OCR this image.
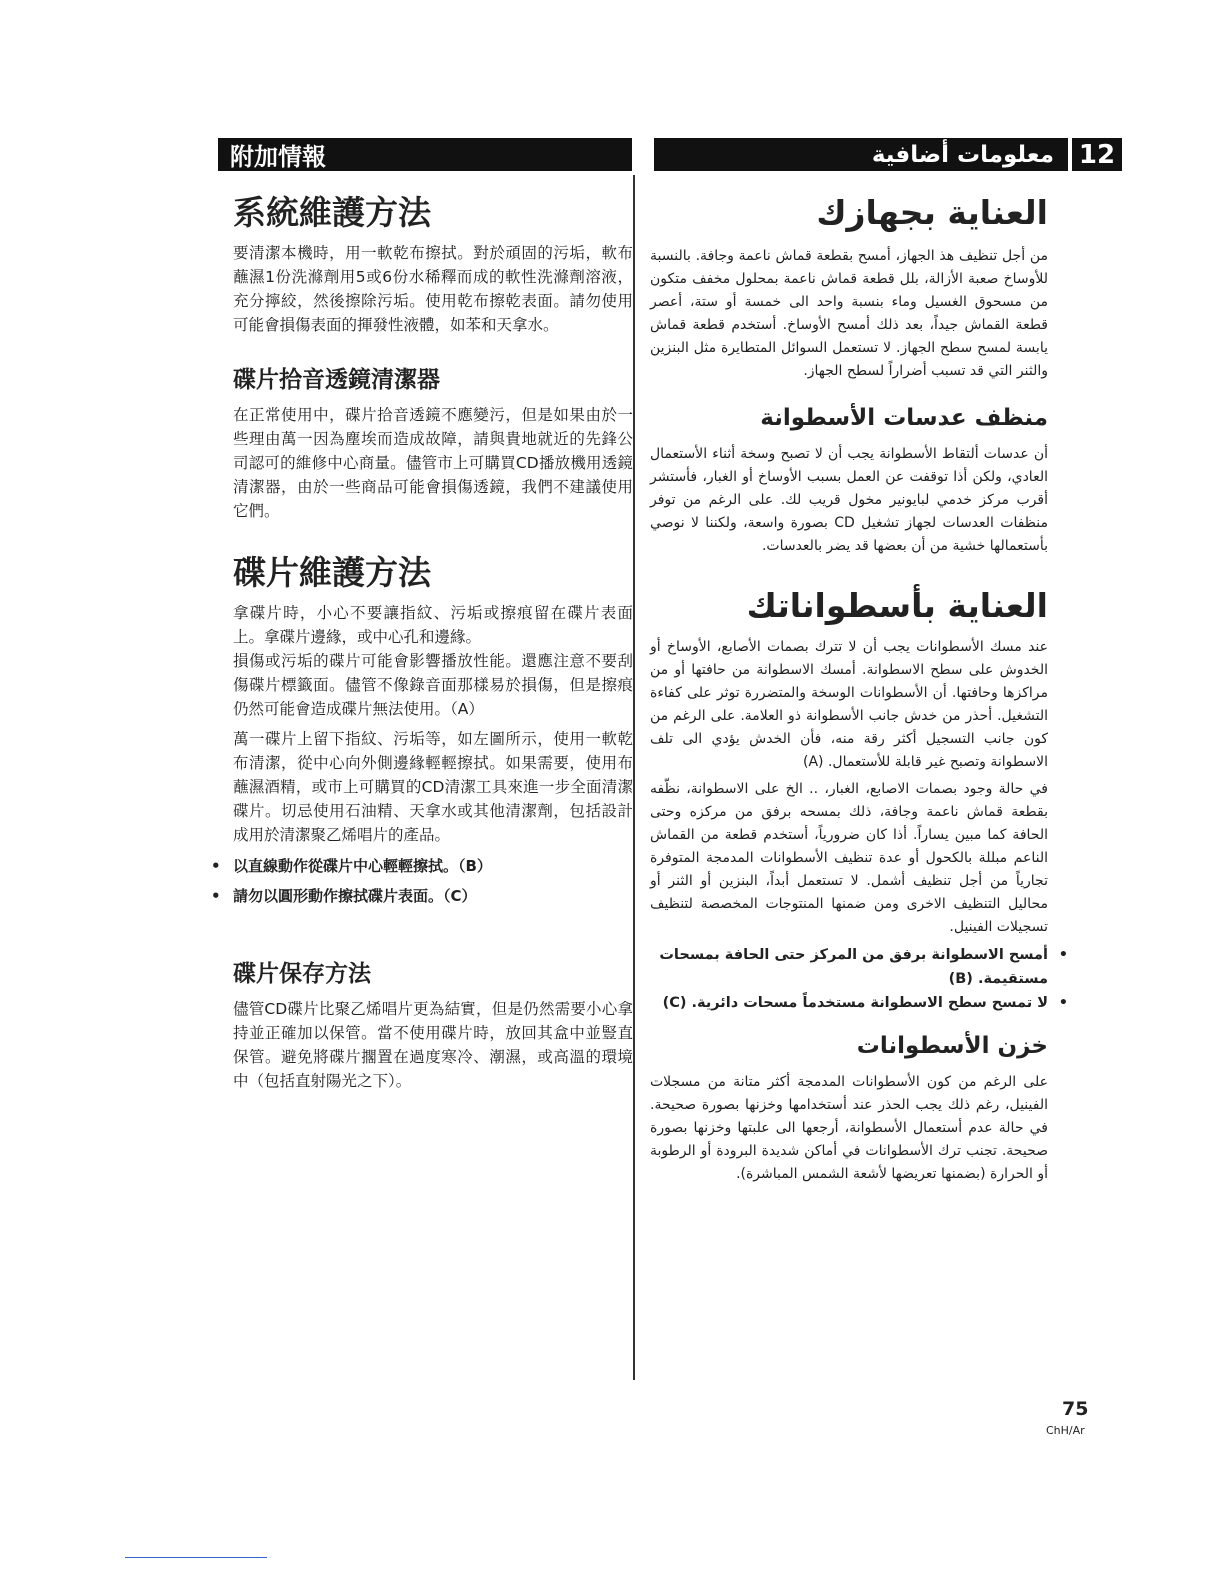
附加情報	معلومات أضافية 12
系統維護方法

要清潔本機時，用一軟乾布擦拭。對於頑固的污垢，軟布蘸濕1份洗滌劑用5或6份水稀釋而成的軟性洗滌劑溶液，充分擰絞，然後擦除污垢。使用乾布擦乾表面。請勿使用可能會損傷表面的揮發性液體，如苯和天拿水。

碟片拾音透鏡清潔器

在正常使用中，碟片拾音透鏡不應變污，但是如果由於一些理由萬一因為塵埃而造成故障，請與貴地就近的先鋒公司認可的維修中心商量。儘管市上可購買CD播放機用透鏡清潔器，由於一些商品可能會損傷透鏡，我們不建議使用它們。

碟片維護方法

拿碟片時，小心不要讓指紋、污垢或擦痕留在碟片表面上。拿碟片邊緣，或中心孔和邊緣。

損傷或污垢的碟片可能會影響播放性能。還應注意不要刮傷碟片標籤面。儘管不像錄音面那樣易於損傷，但是擦痕仍然可能會造成碟片無法使用。（A）

萬一碟片上留下指紋、污垢等，如左圖所示，使用一軟乾布清潔，從中心向外側邊緣輕輕擦拭。如果需要，使用布蘸濕酒精，或市上可購買的CD清潔工具來進一步全面清潔碟片。切忌使用石油精、天拿水或其他清潔劑，包括設計成用於清潔聚乙烯唱片的產品。

• 以直線動作從碟片中心輕輕擦拭。（B）
• 請勿以圓形動作擦拭碟片表面。（C）
碟片保存方法

儘管CD碟片比聚乙烯唱片更為結實，但是仍然需要小心拿持並正確加以保管。當不使用碟片時，放回其盒中並豎直保管。避免將碟片擱置在過度寒冷、潮濕，或高溫的環境中（包括直射陽光之下）。

العناية بجهازك

من أجل تنظيف هذ الجهاز، أمسح بقطعة قماش ناعمة وجافة. بالنسبة للأوساخ صعبة الأزالة، بلل قطعة قماش ناعمة بمحلول مخفف متكون من مسحوق الغسيل وماء بنسبة واحد الى خمسة أو ستة، أعصر قطعة القماش جيداً، بعد ذلك أمسح الأوساخ. أستخدم قطعة قماش يابسة لمسح سطح الجهاز. لا تستعمل السوائل المتطايرة مثل البنزين والثنر التي قد تسبب أضراراً لسطح الجهاز.

منظف عدسات الأسطوانة

أن عدسات ألتقاط الأسطوانة يجب أن لا تصبح وسخة أثناء الأستعمال العادي، ولكن أذا توقفت عن العمل بسبب الأوساخ أو الغبار، فأستشر أقرب مركز خدمي لبايونير مخول قريب لك. على الرغم من توفر منظفات العدسات لجهاز تشغيل CD بصورة واسعة، ولكننا لا نوصي بأستعمالها خشية من أن بعضها قد يضر بالعدسات.

العناية بأسطواناتك

عند مسك الأسطوانات يجب أن لا تترك بصمات الأصابع، الأوساخ أو الخدوش على سطح الاسطوانة. أمسك الاسطوانة من حافتها أو من مراكزها وحافتها. أن الأسطوانات الوسخة والمتضررة توثر على كفاءة التشغيل. أحذر من خدش جانب الأسطوانة ذو العلامة. على الرغم من كون جانب التسجيل أكثر رقة منه، فأن الخدش يؤدي الى تلف الاسطوانة وتصبح غير قابلة للأستعمال. (A)

في حالة وجود بصمات الاصابع، الغبار، .. الخ على الاسطوانة، نظّفه بقطعة قماش ناعمة وجافة، ذلك بمسحه برفق من مركزه وحتى الحافة كما مبين يساراً. أذا كان ضرورياً، أستخدم قطعة من القماش الناعم مبللة بالكحول أو عدة تنظيف الأسطوانات المدمجة المتوفرة تجارياً من أجل تنظيف أشمل. لا تستعمل أبداً، البنزين أو الثنر أو محاليل التنظيف الاخرى ومن ضمنها المنتوجات المخصصة لتنظيف تسجيلات الفينيل.

• أمسح الاسطوانة برفق من المركز حتى الحافة بمسحات مستقيمة. (B)
• لا تمسح سطح الاسطوانة مستخدماً مسحات دائرية. (C)
خزن الأسطوانات

على الرغم من كون الأسطوانات المدمجة أكثر متانة من مسجلات الفينيل، رغم ذلك يجب الحذر عند أستخدامها وخزنها بصورة صحيحة. في حالة عدم أستعمال الأسطوانة، أرجعها الى علبتها وخزنها بصورة صحيحة. تجنب ترك الأسطوانات في أماكن شديدة البرودة أو الرطوبة أو الحرارة (بضمنها تعريضها لأشعة الشمس المباشرة).

75
ChH/Ar
